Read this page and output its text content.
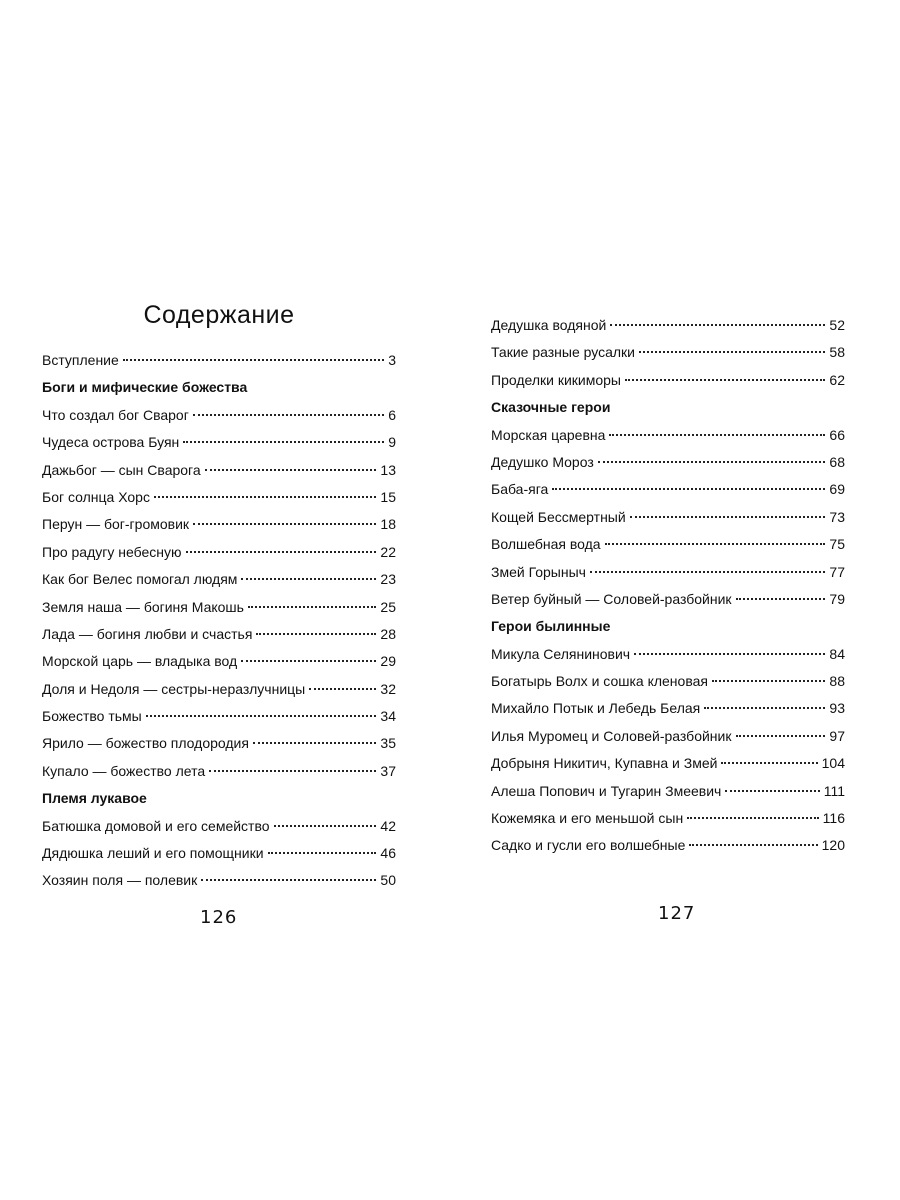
Содержание
Вступление	3
Боги и мифические божества
Что создал бог Сварог	6
Чудеса острова Буян	9
Дажьбог — сын Сварога	13
Бог солнца Хорс	15
Перун — бог-громовик	18
Про радугу небесную	22
Как бог Велес помогал людям	23
Земля наша — богиня Макошь	25
Лада — богиня любви и счастья	28
Морской царь — владыка вод	29
Доля и Недоля — сестры-неразлучницы	32
Божество тьмы	34
Ярило — божество плодородия	35
Купало — божество лета	37
Племя лукавое
Батюшка домовой и его семейство	42
Дядюшка леший и его помощники	46
Хозяин поля — полевик	50
Дедушка водяной	52
Такие разные русалки	58
Проделки кикиморы	62
Сказочные герои
Морская царевна	66
Дедушко Мороз	68
Баба-яга	69
Кощей Бессмертный	73
Волшебная вода	75
Змей Горыныч	77
Ветер буйный — Соловей-разбойник	79
Герои былинные
Микула Селянинович	84
Богатырь Волх и сошка кленовая	88
Михайло Потык и Лебедь Белая	93
Илья Муромец и Соловей-разбойник	97
Добрыня Никитич, Купавна и Змей	104
Алеша Попович и Тугарин Змеевич	111
Кожемяка и его меньшой сын	116
Садко и гусли его волшебные	120
126	127
